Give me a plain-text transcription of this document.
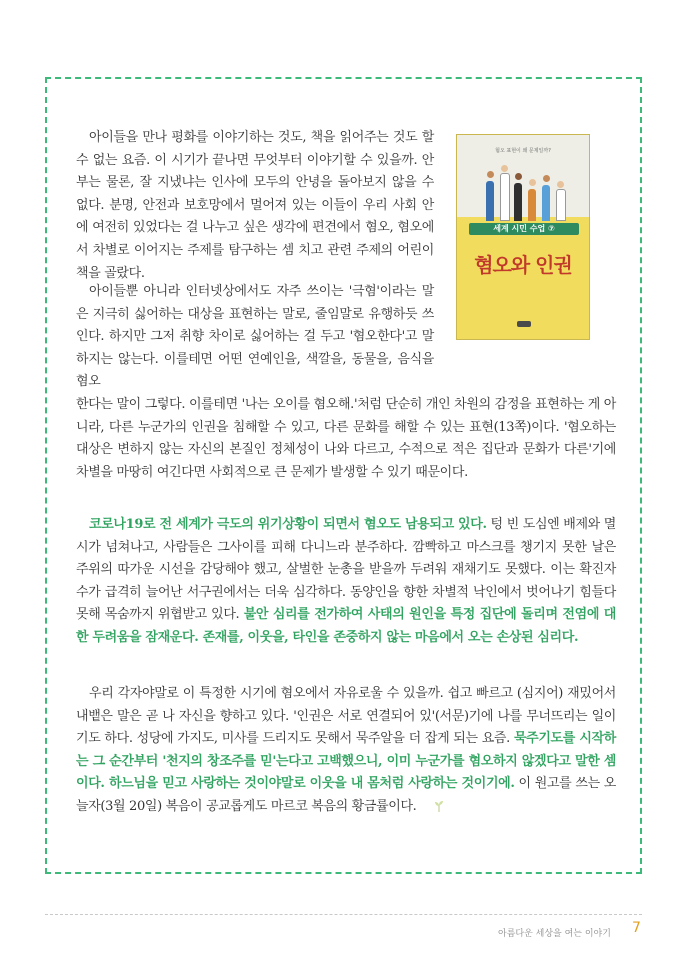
혐오 표현이 왜 문제일까?
세계 시민 수업 ⑦
혐오와 인권

아이들을 만나 평화를 이야기하는 것도, 책을 읽어주는 것도 할 수 없는 요즘. 이 시기가 끝나면 무엇부터 이야기할 수 있을까. 안부는 물론, 잘 지냈냐는 인사에 모두의 안녕을 돌아보지 않을 수 없다. 분명, 안전과 보호망에서 멀어져 있는 이들이 우리 사회 안에 여전히 있었다는 걸 나누고 싶은 생각에 편견에서 혐오, 혐오에서 차별로 이어지는 주제를 탐구하는 셈 치고 관련 주제의 어린이책을 골랐다.

아이들뿐 아니라 인터넷상에서도 자주 쓰이는 '극혐'이라는 말은 지극히 싫어하는 대상을 표현하는 말로, 줄임말로 유행하듯 쓰인다. 하지만 그저 취향 차이로 싫어하는 걸 두고 '혐오한다'고 말하지는 않는다. 이를테면 어떤 연예인을, 색깔을, 동물을, 음식을 혐오

한다는 말이 그렇다. 이를테면 '나는 오이를 혐오해.'처럼 단순히 개인 차원의 감정을 표현하는 게 아니라, 다른 누군가의 인권을 침해할 수 있고, 다른 문화를 해할 수 있는 표현(13쪽)이다. '혐오하는 대상은 변하지 않는 자신의 본질인 정체성이 나와 다르고, 수적으로 적은 집단과 문화가 다른'기에 차별을 마땅히 여긴다면 사회적으로 큰 문제가 발생할 수 있기 때문이다.

코로나19로 전 세계가 극도의 위기상황이 되면서 혐오도 남용되고 있다. 텅 빈 도심엔 배제와 멸시가 넘쳐나고, 사람들은 그사이를 피해 다니느라 분주하다. 깜빡하고 마스크를 챙기지 못한 날은 주위의 따가운 시선을 감당해야 했고, 살벌한 눈총을 받을까 두려워 재채기도 못했다. 이는 확진자 수가 급격히 늘어난 서구권에서는 더욱 심각하다. 동양인을 향한 차별적 낙인에서 벗어나기 힘들다 못해 목숨까지 위협받고 있다. 불안 심리를 전가하여 사태의 원인을 특정 집단에 돌리며 전염에 대한 두려움을 잠재운다. 존재를, 이웃을, 타인을 존중하지 않는 마음에서 오는 손상된 심리다.

우리 각자야말로 이 특정한 시기에 혐오에서 자유로울 수 있을까. 쉽고 빠르고 (심지어) 재밌어서 내뱉은 말은 곧 나 자신을 향하고 있다. '인권은 서로 연결되어 있'(서문)기에 나를 무너뜨리는 일이기도 하다. 성당에 가지도, 미사를 드리지도 못해서 묵주알을 더 잡게 되는 요즘. 묵주기도를 시작하는 그 순간부터 '천지의 창조주를 믿'는다고 고백했으니, 이미 누군가를 혐오하지 않겠다고 말한 셈이다. 하느님을 믿고 사랑하는 것이야말로 이웃을 내 몸처럼 사랑하는 것이기에. 이 원고를 쓰는 오늘자(3월 20일) 복음이 공교롭게도 마르코 복음의 황금률이다.

아름다운 세상을 여는 이야기 7
